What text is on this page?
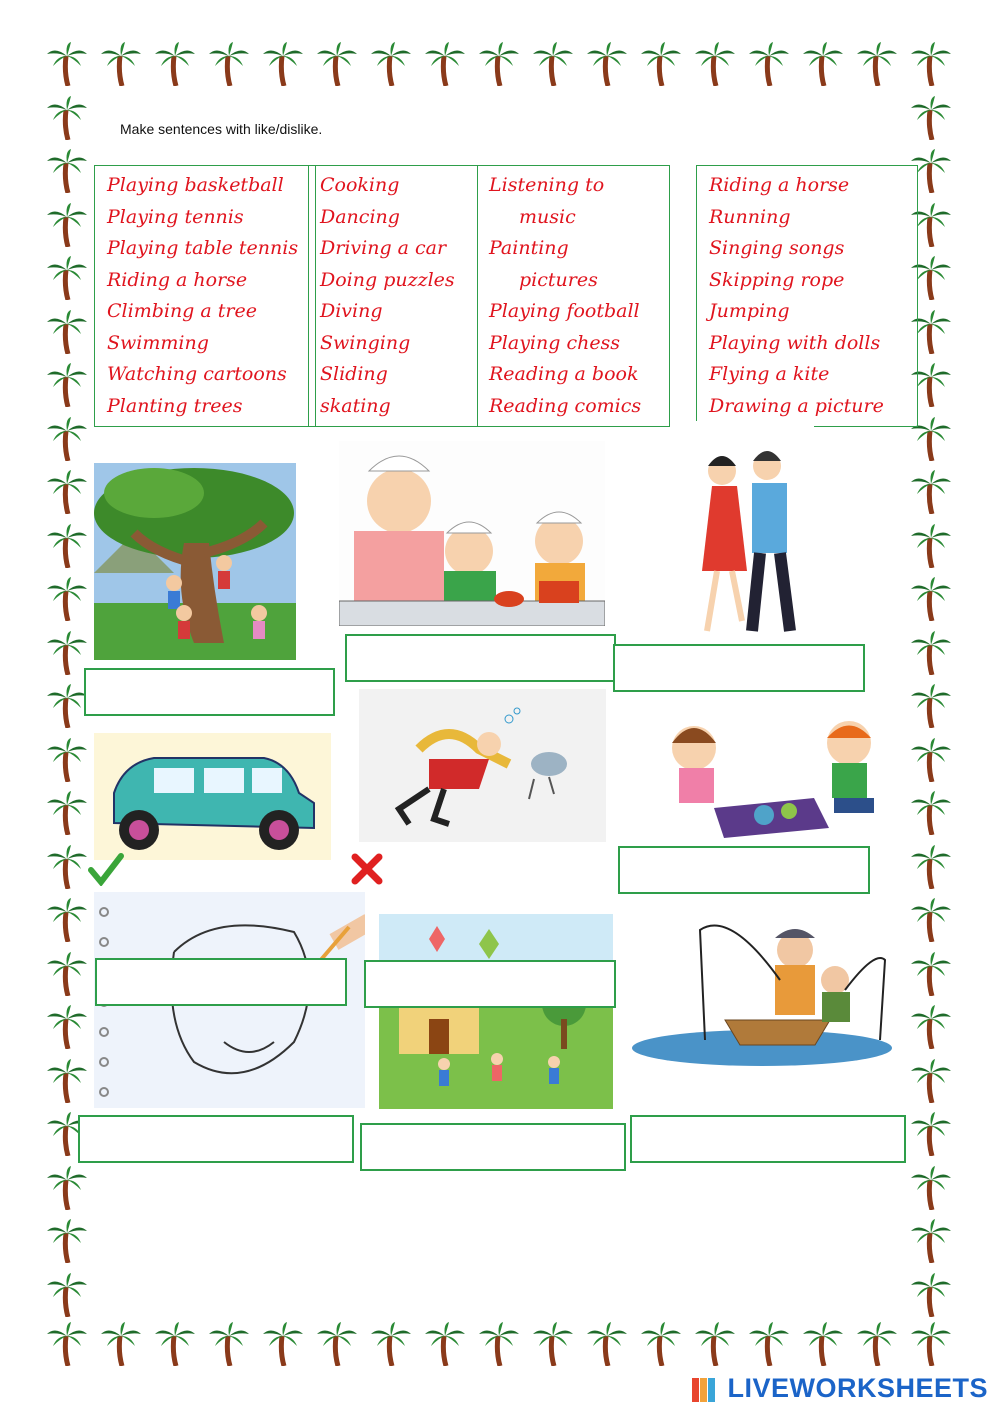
Make sentences with like/dislike.
Playing basketball
Playing tennis
Playing table tennis
Riding a horse
Climbing a tree
Swimming
Watching cartoons
Planting trees
Cooking
Dancing
Driving a car
Doing puzzles
Diving
Swinging
Sliding
skating
Listening to
music
Painting
pictures
Playing football
Playing chess
Reading a book
Reading comics
Riding a horse
Running
Singing songs
Skipping rope
Jumping
Playing with dolls
Flying a kite
Drawing a picture
LIVEWORKSHEETS
